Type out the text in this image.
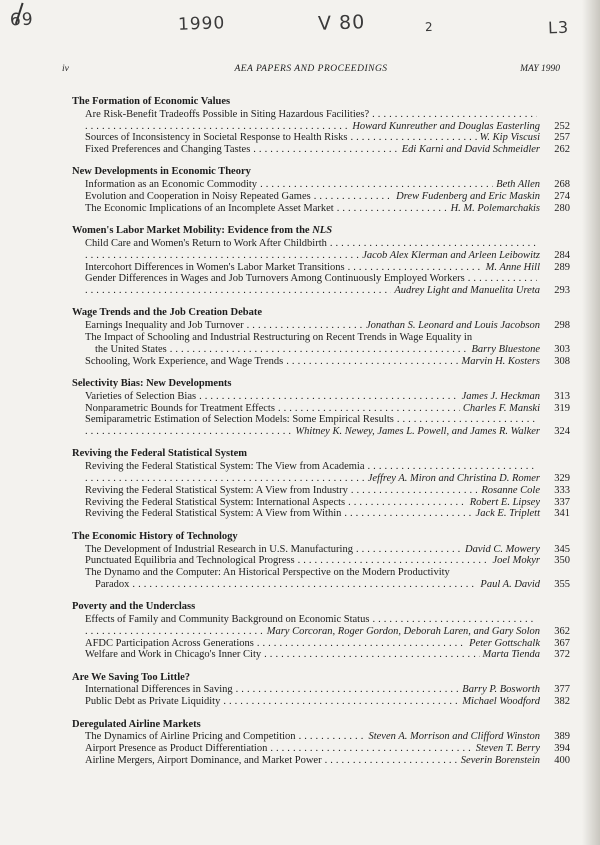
69	1990	V 80	2	L3
iv	AEA PAPERS AND PROCEEDINGS	MAY 1990
The Formation of Economic Values
Are Risk-Benefit Tradeoffs Possible in Siting Hazardous Facilities?
. . .
. . .
Howard Kunreuther and Douglas Easterling	252
Sources of Inconsistency in Societal Response to Health Risks . . .	W. Kip Viscusi	257
Fixed Preferences and Changing Tastes . . .	Edi Karni and David Schmeidler	262
New Developments in Economic Theory
Information as an Economic Commodity . . .	Beth Allen	268
Evolution and Cooperation in Noisy Repeated Games . . .	Drew Fudenberg and Eric Maskin	274
The Economic Implications of an Incomplete Asset Market . . .	H. M. Polemarchakis	280
Women's Labor Market Mobility: Evidence from the NLS
Child Care and Women's Return to Work After Childbirth
. . .
. . .
Jacob Alex Klerman and Arleen Leibowitz	284
Intercohort Differences in Women's Labor Market Transitions . . .	M. Anne Hill	289
Gender Differences in Wages and Job Turnovers Among Continuously Employed Workers
. . .
. . .
Audrey Light and Manuelita Ureta	293
Wage Trends and the Job Creation Debate
Earnings Inequality and Job Turnover . . .	Jonathan S. Leonard and Louis Jacobson	298
The Impact of Schooling and Industrial Restructuring on Recent Trends in Wage Equality in
the United States . . .	Barry Bluestone	303
Schooling, Work Experience, and Wage Trends . . .	Marvin H. Kosters	308
Selectivity Bias: New Developments
Varieties of Selection Bias . . .	James J. Heckman	313
Nonparametric Bounds for Treatment Effects . . .	Charles F. Manski	319
Semiparametric Estimation of Selection Models: Some Empirical Results
. . .
. . .
Whitney K. Newey, James L. Powell, and James R. Walker	324
Reviving the Federal Statistical System
Reviving the Federal Statistical System: The View from Academia
. . .
. . .
Jeffrey A. Miron and Christina D. Romer	329
Reviving the Federal Statistical System: A View from Industry . . .	Rosanne Cole	333
Reviving the Federal Statistical System: International Aspects . . .	Robert E. Lipsey	337
Reviving the Federal Statistical System: A View from Within . . .	Jack E. Triplett	341
The Economic History of Technology
The Development of Industrial Research in U.S. Manufacturing . . .	David C. Mowery	345
Punctuated Equilibria and Technological Progress . . .	Joel Mokyr	350
The Dynamo and the Computer: An Historical Perspective on the Modern Productivity
Paradox . . .	Paul A. David	355
Poverty and the Underclass
Effects of Family and Community Background on Economic Status
. . .
. . .
Mary Corcoran, Roger Gordon, Deborah Laren, and Gary Solon	362
AFDC Participation Across Generations . . .	Peter Gottschalk	367
Welfare and Work in Chicago's Inner City . . .	Marta Tienda	372
Are We Saving Too Little?
International Differences in Saving . . .	Barry P. Bosworth	377
Public Debt as Private Liquidity . . .	Michael Woodford	382
Deregulated Airline Markets
The Dynamics of Airline Pricing and Competition . . .	Steven A. Morrison and Clifford Winston	389
Airport Presence as Product Differentiation . . .	Steven T. Berry	394
Airline Mergers, Airport Dominance, and Market Power . . .	Severin Borenstein	400
